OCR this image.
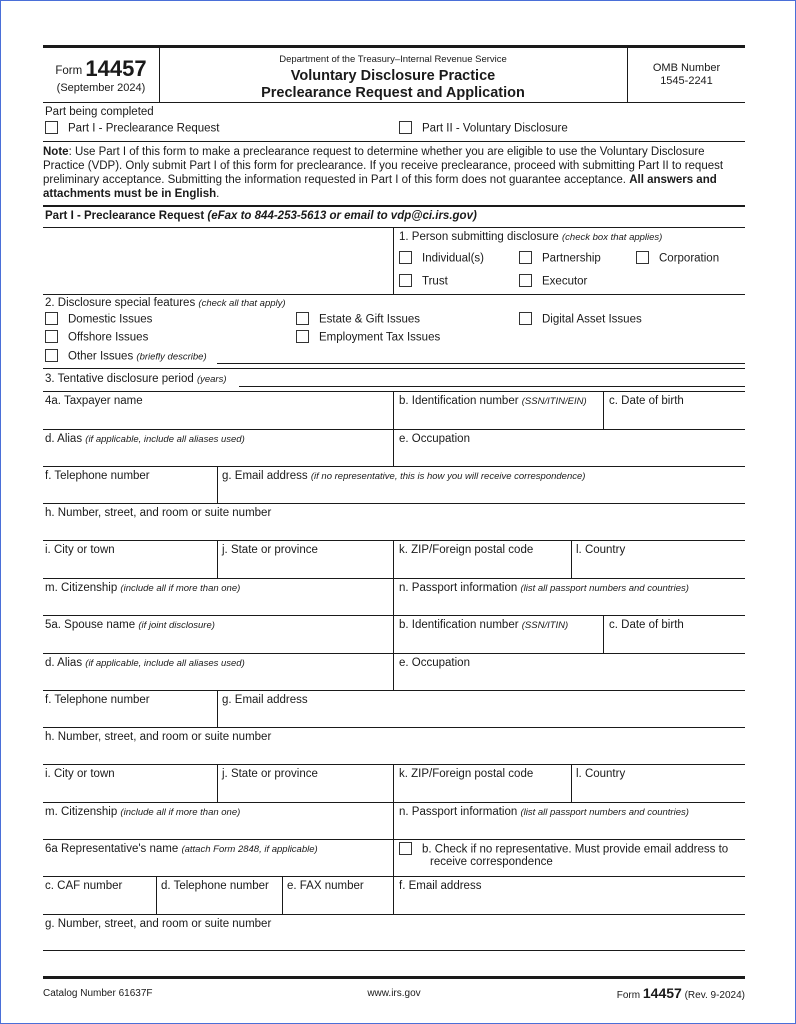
Form 14457
(September 2024)
Department of the Treasury–Internal Revenue Service
Voluntary Disclosure Practice
Preclearance Request and Application
OMB Number
1545-2241
Part being completed
Part I - Preclearance Request	Part II - Voluntary Disclosure
Note: Use Part I of this form to make a preclearance request to determine whether you are eligible to use the Voluntary Disclosure Practice (VDP). Only submit Part I of this form for preclearance. If you receive preclearance, proceed with submitting Part II to request preliminary acceptance. Submitting the information requested in Part I of this form does not guarantee acceptance. All answers and attachments must be in English.
Part I - Preclearance Request (eFax to 844-253-5613 or email to vdp@ci.irs.gov)
1. Person submitting disclosure (check box that applies)
Individual(s)	Partnership	Corporation
Trust	Executor
2. Disclosure special features (check all that apply)
Domestic Issues	Estate & Gift Issues	Digital Asset Issues
Offshore Issues	Employment Tax Issues
Other Issues (briefly describe)
3. Tentative disclosure period (years)
4a. Taxpayer name	b. Identification number (SSN/ITIN/EIN) c. Date of birth
d. Alias (if applicable, include all aliases used)	e. Occupation
f. Telephone number	g. Email address (if no representative, this is how you will receive correspondence)
h. Number, street, and room or suite number
i. City or town	j. State or province	k. ZIP/Foreign postal code	l. Country
m. Citizenship (include all if more than one)	n. Passport information (list all passport numbers and countries)
5a. Spouse name (if joint disclosure)	b. Identification number (SSN/ITIN)	c. Date of birth
d. Alias (if applicable, include all aliases used)	e. Occupation
f. Telephone number	g. Email address
h. Number, street, and room or suite number
i. City or town	j. State or province	k. ZIP/Foreign postal code	l. Country
m. Citizenship (include all if more than one)	n. Passport information (list all passport numbers and countries)
6a Representative's name (attach Form 2848, if applicable)	b. Check if no representative. Must provide email address to
receive correspondence
c. CAF number	d. Telephone number e. FAX number	f. Email address
g. Number, street, and room or suite number
Catalog Number 61637F	www.irs.gov	Form 14457 (Rev. 9-2024)
